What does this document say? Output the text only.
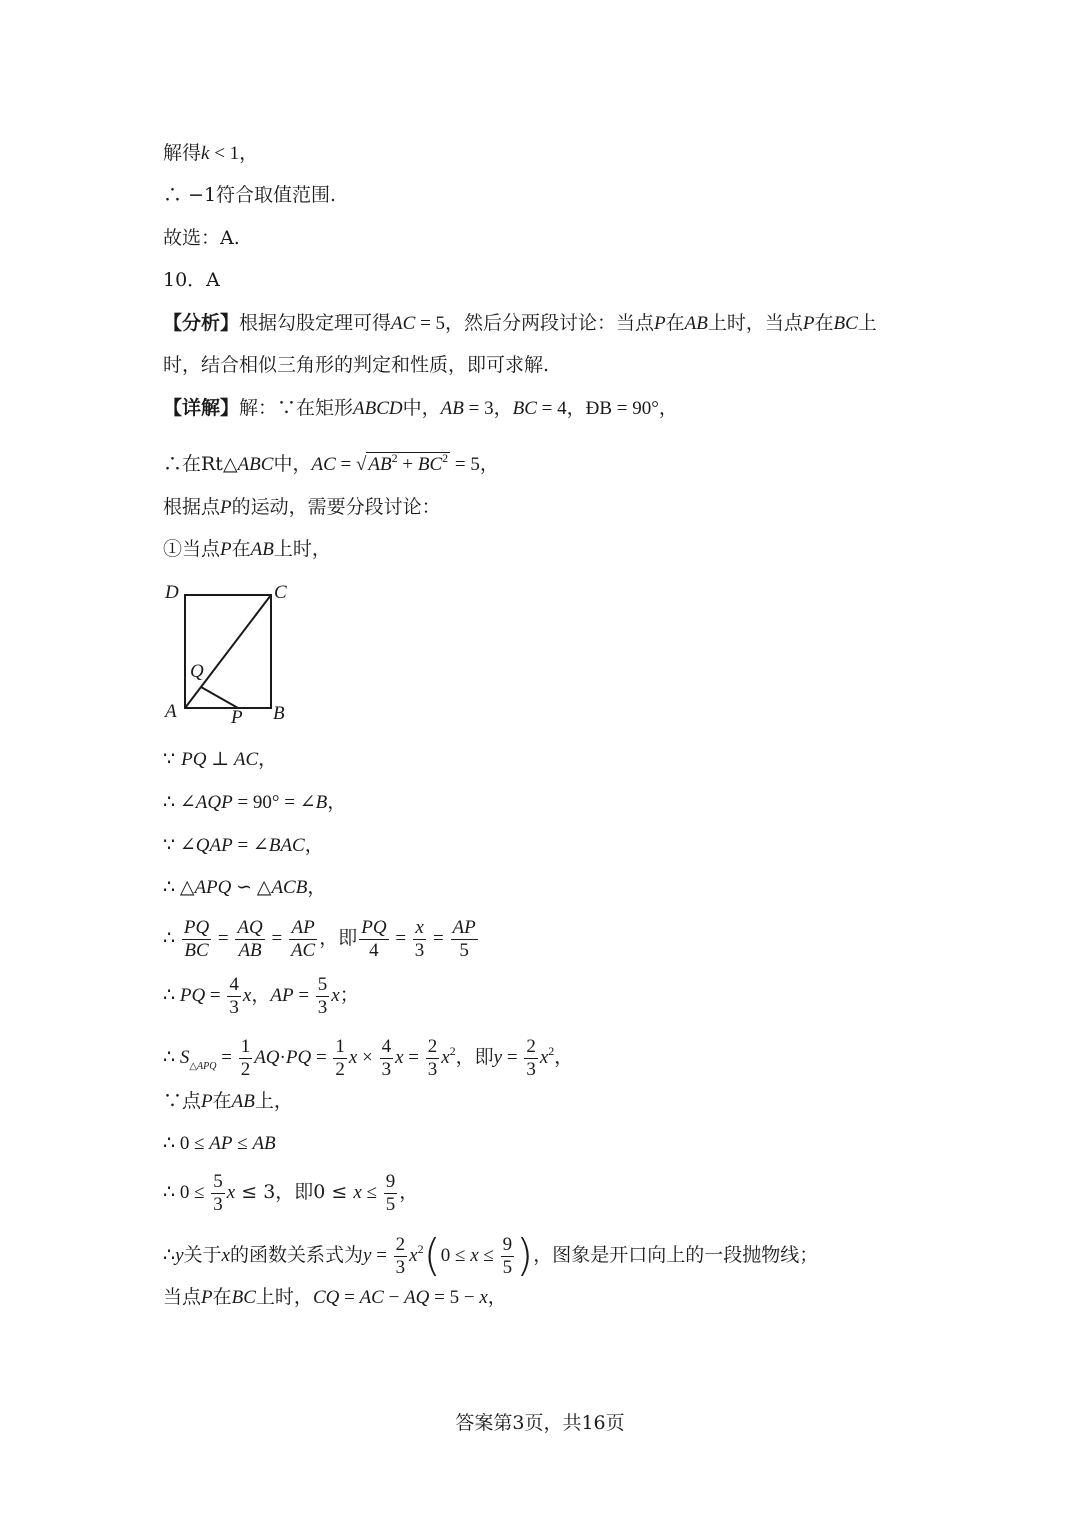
解得k < 1，
∴ −1符合取值范围.
故选：A.
10．A
【分析】根据勾股定理可得AC = 5，然后分两段讨论：当点P在AB上时，当点P在BC上
时，结合相似三角形的判定和性质，即可求解.
【详解】解：∵在矩形ABCD中，AB = 3，BC = 4，ÐB = 90°，
∴在Rt△ABC中，AC = √ $AB^2 + BC^2 = 5$，
根据点P的运动，需要分段讨论：
①当点P在AB上时，
D	C
Q
A	P B
∵ PQ ⊥ AC，
∴ ∠AQP = 90° = ∠B，
∵ ∠QAP = ∠BAC，
∴ △APQ ∽ △ACB，
∴ $\frac{PQ}{BC} = \frac{AQ}{AB} = \frac{AP}{AC}$ ，即 $\frac{PQ}{4} = \frac{x}{3} = \frac{AP}{5}$
∴ PQ = $\frac{4}{3}$ x，AP = $\frac{5}{3}$ x；
∴ $S_{\triangle APQ} = \frac{1}{2} AQ\cdot PQ = \frac{1}{2}$ $x \times \frac{4}{3}$ $x = \frac{2}{3} x^2$，即$y = \frac{2}{3} x^2$，
∵点P在AB上，
∴ 0 ≤ AP ≤ AB
∴ $0 \le \frac{5}{3}$ x ≤ 3，即$0 \le x \le \frac{9}{5}$ ，
∴y关于x的函数关系式为$y = \frac{2}{3} x^2(0 \le x \le \frac{9}{5}$ )，图象是开口向上的一段抛物线；
当点P在BC上时，CQ = AC − AQ = 5 − x，
答案第3页，共16页
